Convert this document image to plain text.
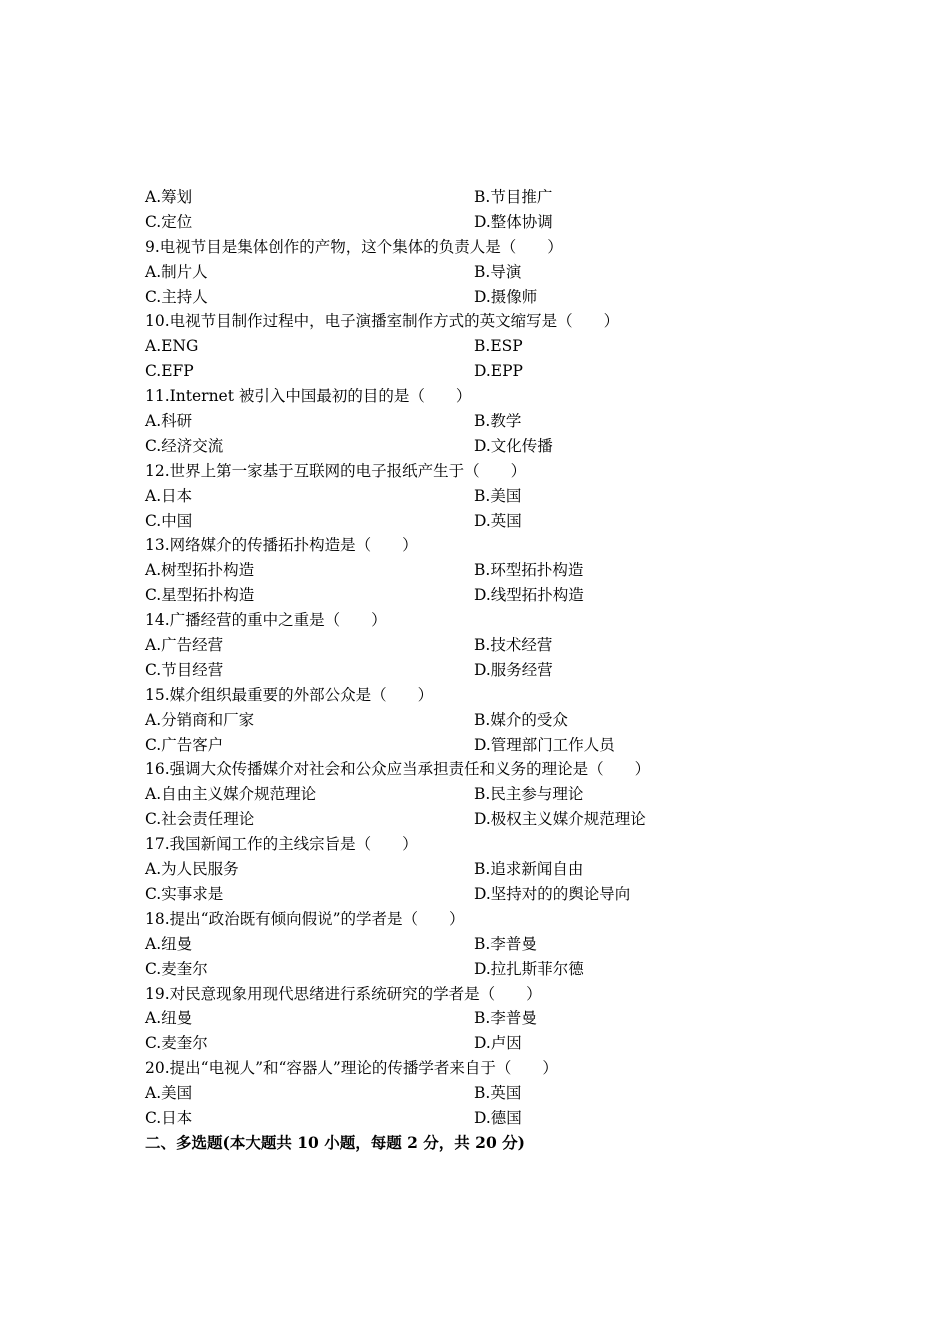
A.筹划	B.节目推广
C.定位	D.整体协调
9.电视节目是集体创作的产物，这个集体的负责人是（　　）
A.制片人	B.导演
C.主持人	D.摄像师
10.电视节目制作过程中，电子演播室制作方式的英文缩写是（　　）
A.ENG	B.ESP
C.EFP	D.EPP
11.Internet 被引入中国最初的目的是（　　）
A.科研	B.教学
C.经济交流	D.文化传播
12.世界上第一家基于互联网的电子报纸产生于（　　）
A.日本	B.美国
C.中国	D.英国
13.网络媒介的传播拓扑构造是（　　）
A.树型拓扑构造	B.环型拓扑构造
C.星型拓扑构造	D.线型拓扑构造
14.广播经营的重中之重是（　　）
A.广告经营	B.技术经营
C.节目经营	D.服务经营
15.媒介组织最重要的外部公众是（　　）
A.分销商和厂家	B.媒介的受众
C.广告客户	D.管理部门工作人员
16.强调大众传播媒介对社会和公众应当承担责任和义务的理论是（　　）
A.自由主义媒介规范理论	B.民主参与理论
C.社会责任理论	D.极权主义媒介规范理论
17.我国新闻工作的主线宗旨是（　　）
A.为人民服务	B.追求新闻自由
C.实事求是	D.坚持对的的舆论导向
18.提出“政治既有倾向假说”的学者是（　　）
A.纽曼	B.李普曼
C.麦奎尔	D.拉扎斯菲尔德
19.对民意现象用现代思绪进行系统研究的学者是（　　）
A.纽曼	B.李普曼
C.麦奎尔	D.卢因
20.提出“电视人”和“容器人”理论的传播学者来自于（　　）
A.美国	B.英国
C.日本	D.德国
二、多选题(本大题共 10 小题，每题 2 分，共 20 分)
